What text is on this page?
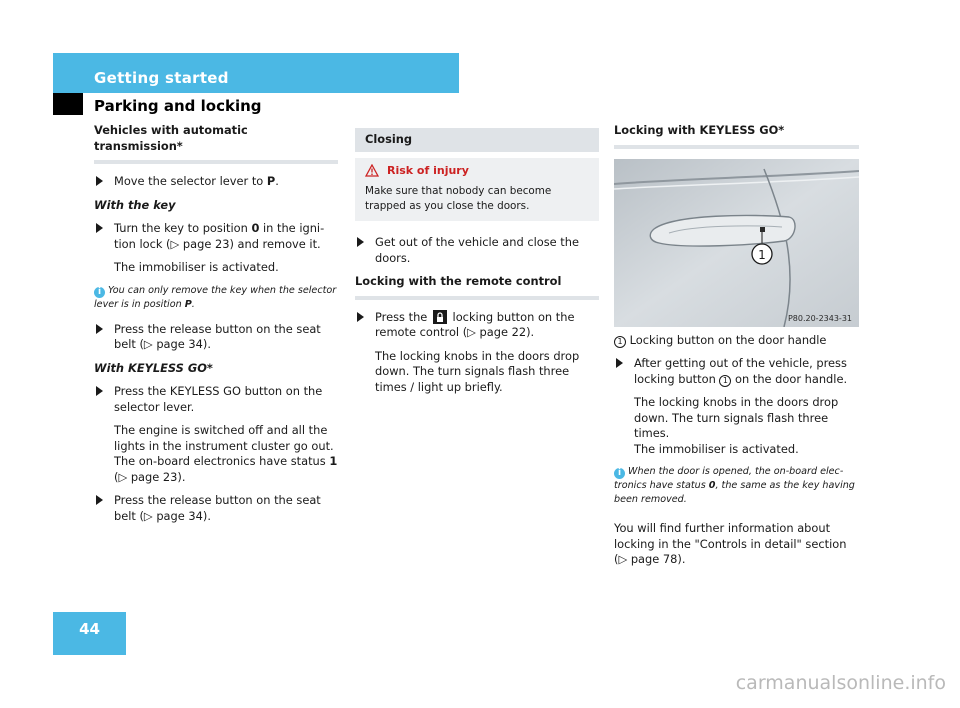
Getting started
Parking and locking
Vehicles with automatic transmission*
Move the selector lever to P.
With the key
Turn the key to position 0 in the igni-tion lock (▷ page 23) and remove it.
The immobiliser is activated.
i You can only remove the key when the selector lever is in position P.
Press the release button on the seat belt (▷ page 34).
With KEYLESS GO*
Press the KEYLESS GO button on the selector lever.
The engine is switched off and all the lights in the instrument cluster go out. The on-board electronics have status 1 (▷ page 23).
Press the release button on the seat belt (▷ page 34).
Closing
Risk of injury
Make sure that nobody can become trapped as you close the doors.
Get out of the vehicle and close the doors.
Locking with the remote control
Press the  locking button on the remote control (▷ page 22).
The locking knobs in the doors drop down. The turn signals flash three times / light up briefly.
Locking with KEYLESS GO*
1
P80.20-2343-31
1 Locking button on the door handle
After getting out of the vehicle, press locking button 1 on the door handle.
The locking knobs in the doors drop down. The turn signals flash three times.
The immobiliser is activated.
i When the door is opened, the on-board elec-tronics have status 0, the same as the key having been removed.
You will find further information about locking in the "Controls in detail" section (▷ page 78).
44
carmanualsonline.info
